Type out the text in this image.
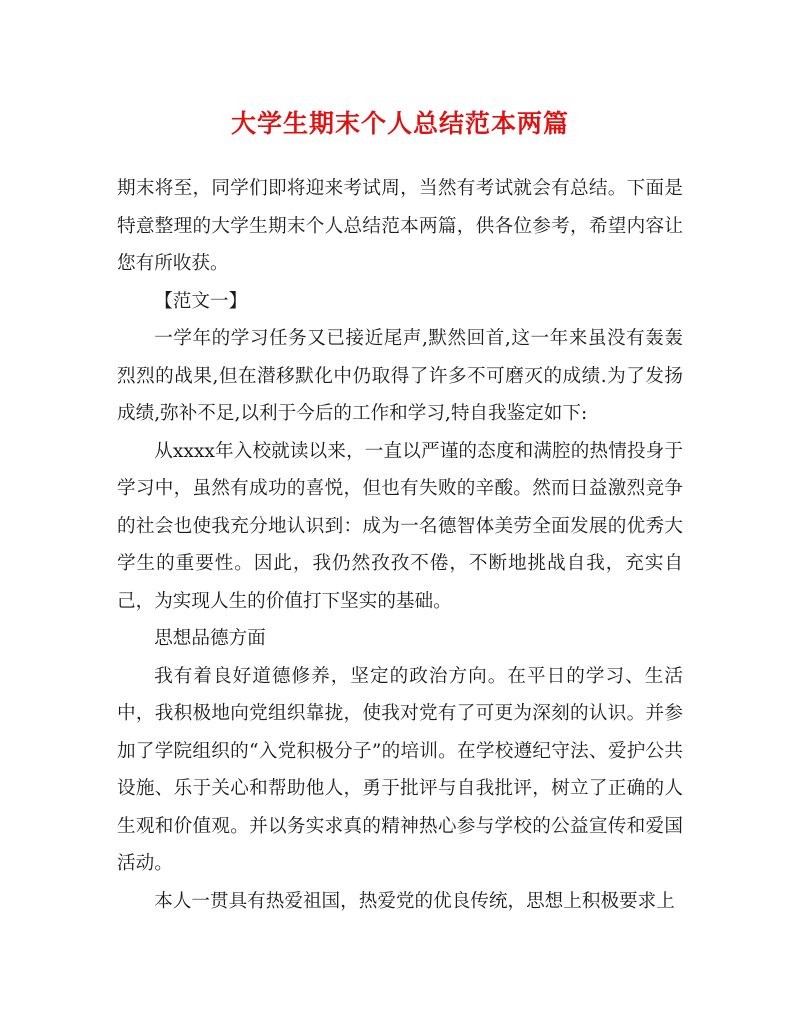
大学生期末个人总结范本两篇

期末将至，同学们即将迎来考试周，当然有考试就会有总结。下面是特意整理的大学生期末个人总结范本两篇，供各位参考，希望内容让您有所收获。

【范文一】

一学年的学习任务又已接近尾声,默然回首,这一年来虽没有轰轰烈烈的战果,但在潜移默化中仍取得了许多不可磨灭的成绩.为了发扬成绩,弥补不足,以利于今后的工作和学习,特自我鉴定如下:

从xxxx年入校就读以来，一直以严谨的态度和满腔的热情投身于学习中，虽然有成功的喜悦，但也有失败的辛酸。然而日益激烈竞争的社会也使我充分地认识到：成为一名德智体美劳全面发展的优秀大学生的重要性。因此，我仍然孜孜不倦，不断地挑战自我，充实自己，为实现人生的价值打下坚实的基础。

思想品德方面

我有着良好道德修养，坚定的政治方向。在平日的学习、生活中，我积极地向党组织靠拢，使我对党有了可更为深刻的认识。并参加了学院组织的“入党积极分子”的培训。在学校遵纪守法、爱护公共设施、乐于关心和帮助他人，勇于批评与自我批评，树立了正确的人生观和价值观。并以务实求真的精神热心参与学校的公益宣传和爱国活动。

本人一贯具有热爱祖国，热爱党的优良传统，思想上积极要求上
